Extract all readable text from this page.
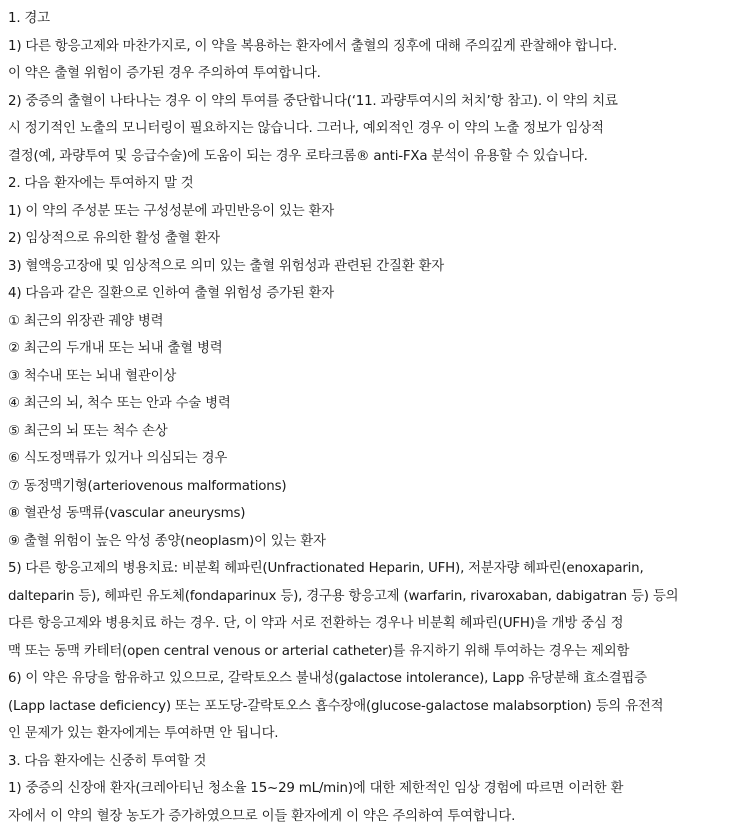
1. 경고
1) 다른 항응고제와 마찬가지로, 이 약을 복용하는 환자에서 출혈의 징후에 대해 주의깊게 관찰해야 합니다.
이 약은 출혈 위험이 증가된 경우 주의하여 투여합니다.
2) 중증의 출혈이 나타나는 경우 이 약의 투여를 중단합니다(‘11. 과량투여시의 처치’항 참고). 이 약의 치료
시 정기적인 노출의 모니터링이 필요하지는 않습니다. 그러나, 예외적인 경우 이 약의 노출 정보가 임상적
결정(예, 과량투여 및 응급수술)에 도움이 되는 경우 로타크롬® anti-FXa 분석이 유용할 수 있습니다.
2. 다음 환자에는 투여하지 말 것
1) 이 약의 주성분 또는 구성성분에 과민반응이 있는 환자
2) 임상적으로 유의한 활성 출혈 환자
3) 혈액응고장애 및 임상적으로 의미 있는 출혈 위험성과 관련된 간질환 환자
4) 다음과 같은 질환으로 인하여 출혈 위험성 증가된 환자
① 최근의 위장관 궤양 병력
② 최근의 두개내 또는 뇌내 출혈 병력
③ 척수내 또는 뇌내 혈관이상
④ 최근의 뇌, 척수 또는 안과 수술 병력
⑤ 최근의 뇌 또는 척수 손상
⑥ 식도정맥류가 있거나 의심되는 경우
⑦ 동정맥기형(arteriovenous malformations)
⑧ 혈관성 동맥류(vascular aneurysms)
⑨ 출혈 위험이 높은 악성 종양(neoplasm)이 있는 환자
5) 다른 항응고제의 병용치료: 비분획 헤파린(Unfractionated Heparin, UFH), 저분자량 헤파린(enoxaparin,
dalteparin 등), 헤파린 유도체(fondaparinux 등), 경구용 항응고제 (warfarin, rivaroxaban, dabigatran 등) 등의
다른 항응고제와 병용치료 하는 경우. 단, 이 약과 서로 전환하는 경우나 비분획 헤파린(UFH)을 개방 중심 정
맥 또는 동맥 카테터(open central venous or arterial catheter)를 유지하기 위해 투여하는 경우는 제외함
6) 이 약은 유당을 함유하고 있으므로, 갈락토오스 불내성(galactose intolerance), Lapp 유당분해 효소결핍증
(Lapp lactase deficiency) 또는 포도당-갈락토오스 흡수장애(glucose-galactose malabsorption) 등의 유전적
인 문제가 있는 환자에게는 투여하면 안 됩니다.
3. 다음 환자에는 신중히 투여할 것
1) 중증의 신장애 환자(크레아티닌 청소율 15~29 mL/min)에 대한 제한적인 임상 경험에 따르면 이러한 환
자에서 이 약의 혈장 농도가 증가하였으므로 이들 환자에게 이 약은 주의하여 투여합니다.
